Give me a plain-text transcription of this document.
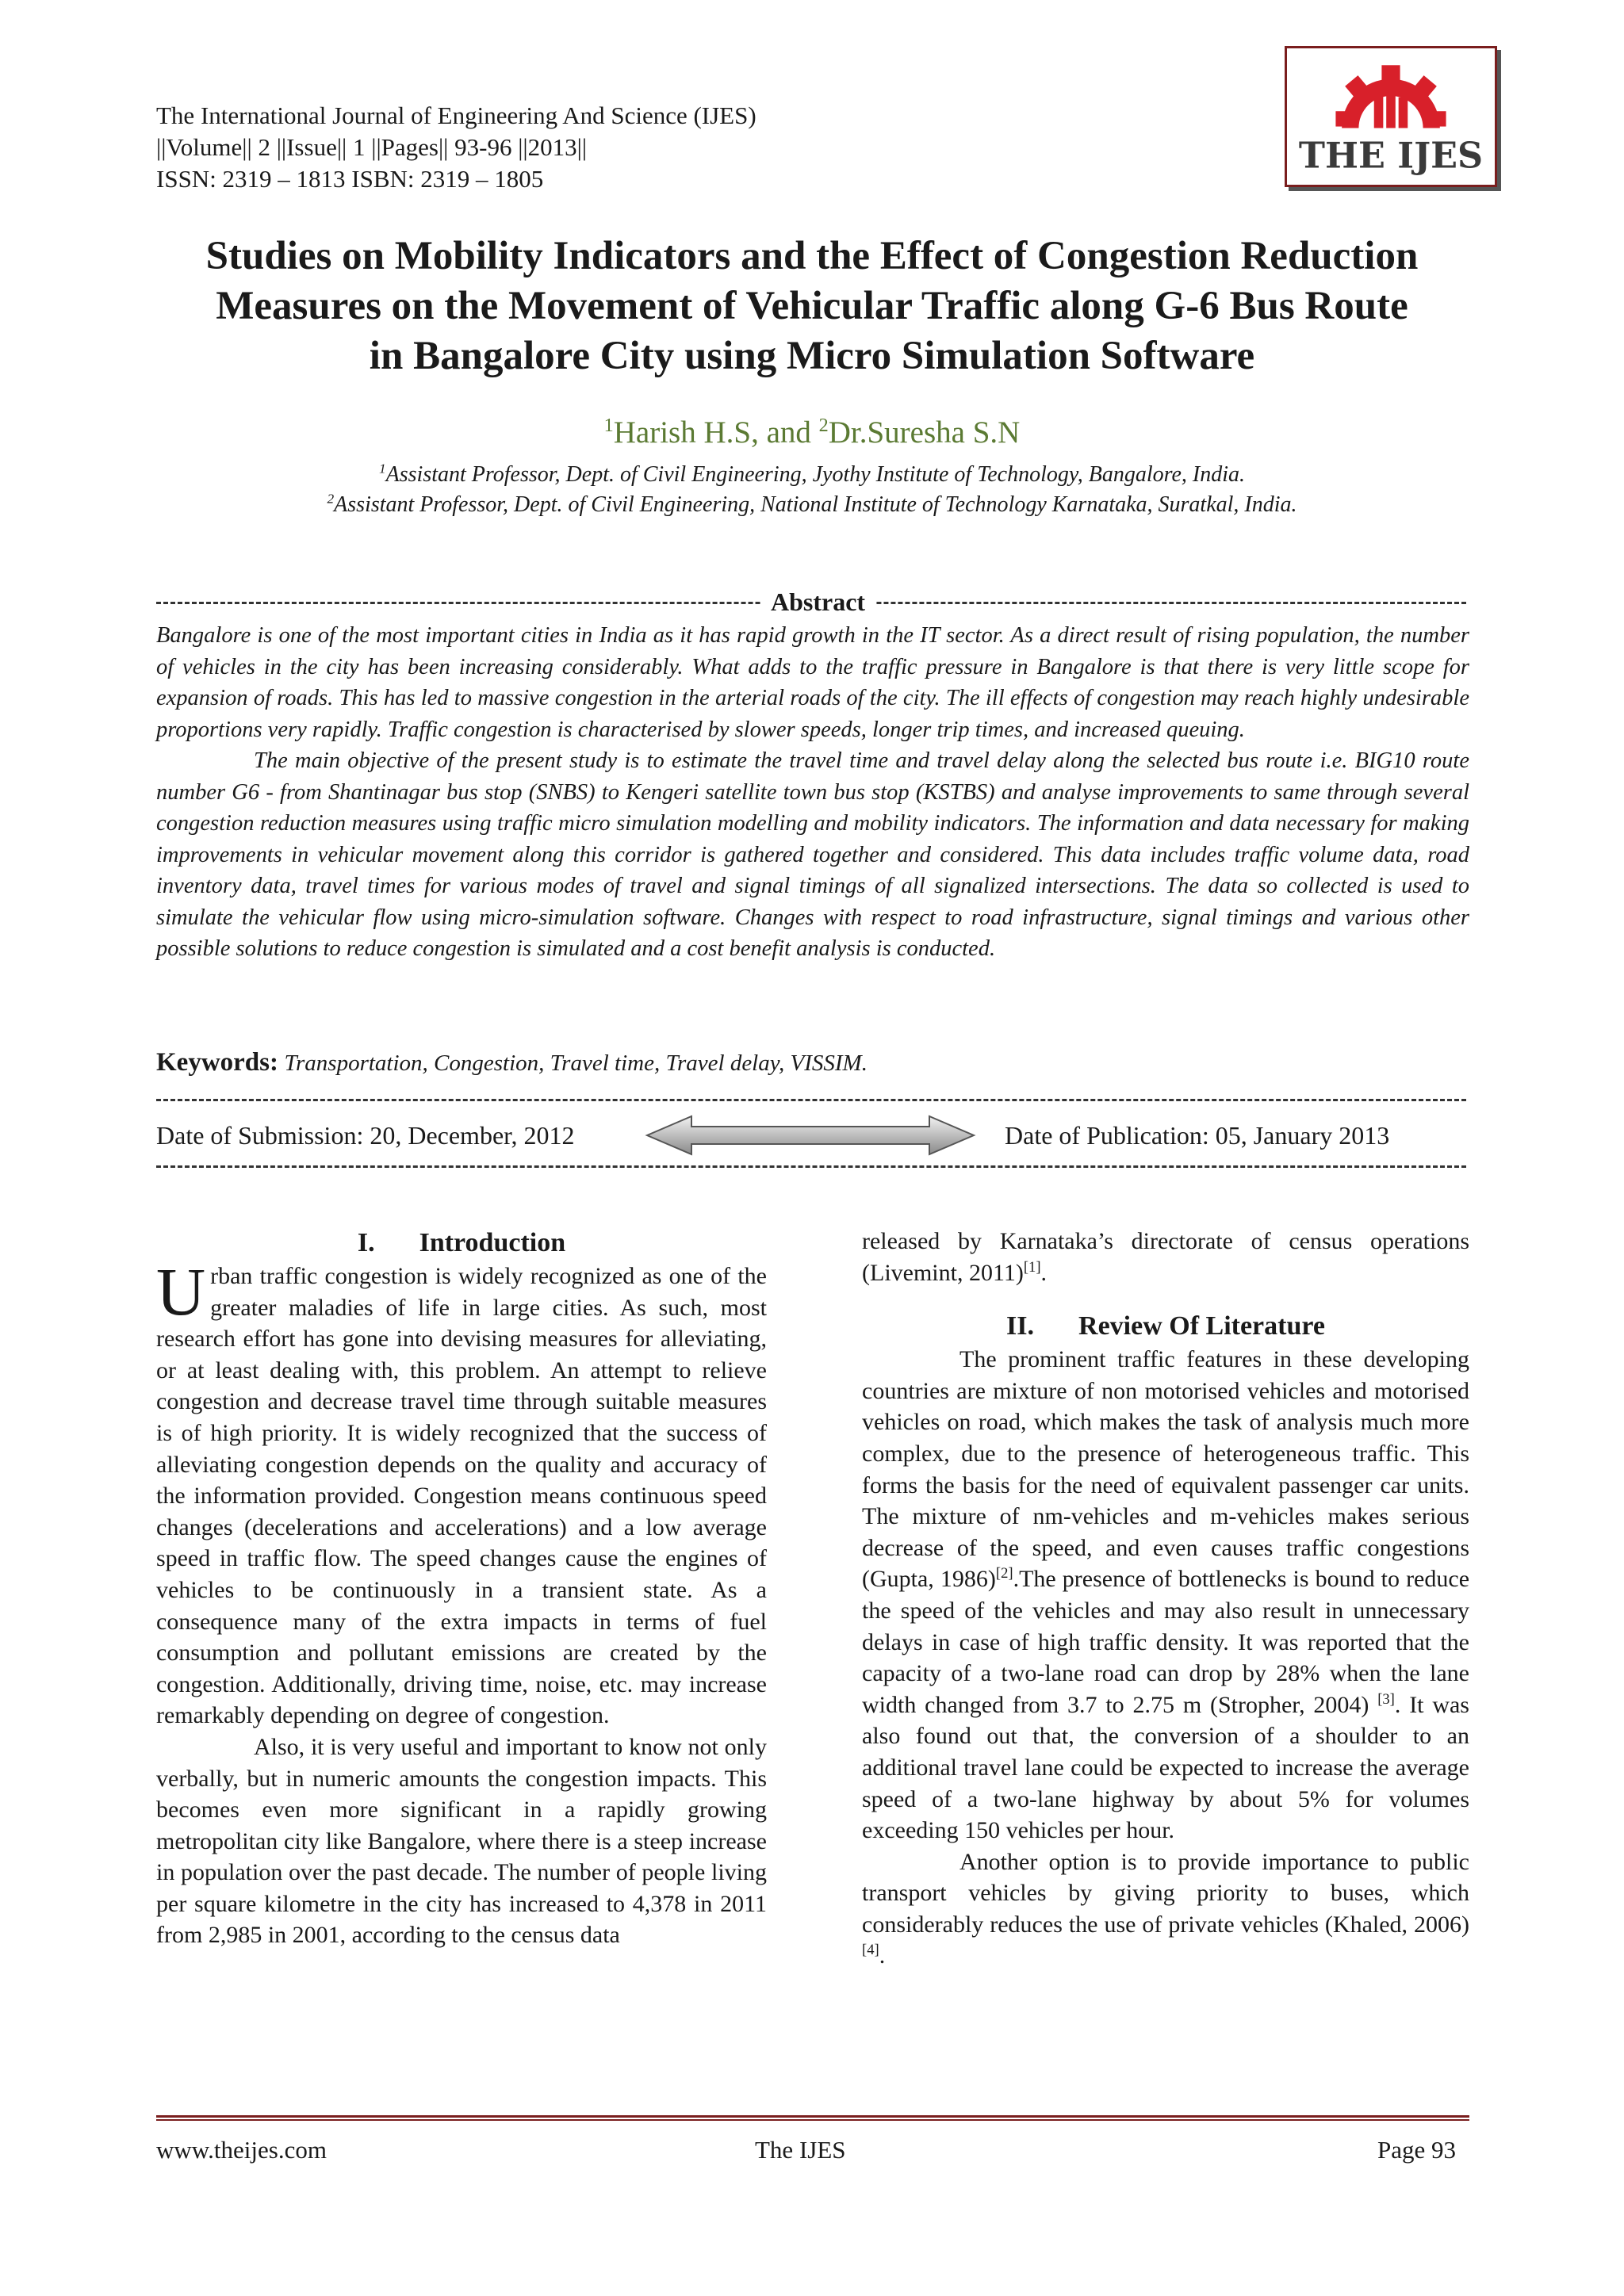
The International Journal of Engineering And Science (IJES)
||Volume|| 2 ||Issue|| 1 ||Pages|| 93-96 ||2013||
ISSN: 2319 – 1813 ISBN: 2319 – 1805
THE IJES
Studies on Mobility Indicators and the Effect of Congestion Reduction
Measures on the Movement of Vehicular Traffic along G-6 Bus Route
in Bangalore City using Micro Simulation Software
$^1$Harish H.S, and $^2$Dr.Suresha S.N
$^1$Assistant Professor, Dept. of Civil Engineering, Jyothy Institute of Technology, Bangalore, India.
$^2$Assistant Professor, Dept. of Civil Engineering, National Institute of Technology Karnataka, Suratkal, India.
Abstract

Bangalore is one of the most important cities in India as it has rapid growth in the IT sector. As a direct result of rising population, the number of vehicles in the city has been increasing considerably. What adds to the traffic pressure in Bangalore is that there is very little scope for expansion of roads. This has led to massive congestion in the arterial roads of the city. The ill effects of congestion may reach highly undesirable proportions very rapidly. Traffic congestion is characterised by slower speeds, longer trip times, and increased queuing.

The main objective of the present study is to estimate the travel time and travel delay along the selected bus route i.e. BIG10 route number G6 - from Shantinagar bus stop (SNBS) to Kengeri satellite town bus stop (KSTBS) and analyse improvements to same through several congestion reduction measures using traffic micro simulation modelling and mobility indicators. The information and data necessary for making improvements in vehicular movement along this corridor is gathered together and considered. This data includes traffic volume data, road inventory data, travel times for various modes of travel and signal timings of all signalized intersections. The data so collected is used to simulate the vehicular flow using micro-simulation software. Changes with respect to road infrastructure, signal timings and various other possible solutions to reduce congestion is simulated and a cost benefit analysis is conducted.

Keywords: Transportation, Congestion, Travel time, Travel delay, VISSIM.
Date of Submission: 20, December, 2012	Date of Publication: 05, January 2013
I. Introduction

Urban traffic congestion is widely recognized as one of the greater maladies of life in large cities. As such, most research effort has gone into devising measures for alleviating, or at least dealing with, this problem. An attempt to relieve congestion and decrease travel time through suitable measures is of high priority. It is widely recognized that the success of alleviating congestion depends on the quality and accuracy of the information provided. Congestion means continuous speed changes (decelerations and accelerations) and a low average speed in traffic flow. The speed changes cause the engines of vehicles to be continuously in a transient state. As a consequence many of the extra impacts in terms of fuel consumption and pollutant emissions are created by the congestion. Additionally, driving time, noise, etc. may increase remarkably depending on degree of congestion.

Also, it is very useful and important to know not only verbally, but in numeric amounts the congestion impacts. This becomes even more significant in a rapidly growing metropolitan city like Bangalore, where there is a steep increase in population over the past decade. The number of people living per square kilometre in the city has increased to 4,378 in 2011 from 2,985 in 2001, according to the census data

released by Karnataka’s directorate of census operations (Livemint, 2011)[1].

II. Review Of Literature

The prominent traffic features in these developing countries are mixture of non motorised vehicles and motorised vehicles on road, which makes the task of analysis much more complex, due to the presence of heterogeneous traffic. This forms the basis for the need of equivalent passenger car units. The mixture of nm-vehicles and m-vehicles makes serious decrease of the speed, and even causes traffic congestions (Gupta, 1986)[2].The presence of bottlenecks is bound to reduce the speed of the vehicles and may also result in unnecessary delays in case of high traffic density. It was reported that the capacity of a two-lane road can drop by 28% when the lane width changed from 3.7 to 2.75 m (Stropher, 2004) [3]. It was also found out that, the conversion of a shoulder to an additional travel lane could be expected to increase the average speed of a two-lane highway by about 5% for volumes exceeding 150 vehicles per hour.

Another option is to provide importance to public transport vehicles by giving priority to buses, which considerably reduces the use of private vehicles (Khaled, 2006) [4].

www.theijes.com	The IJES	Page 93
